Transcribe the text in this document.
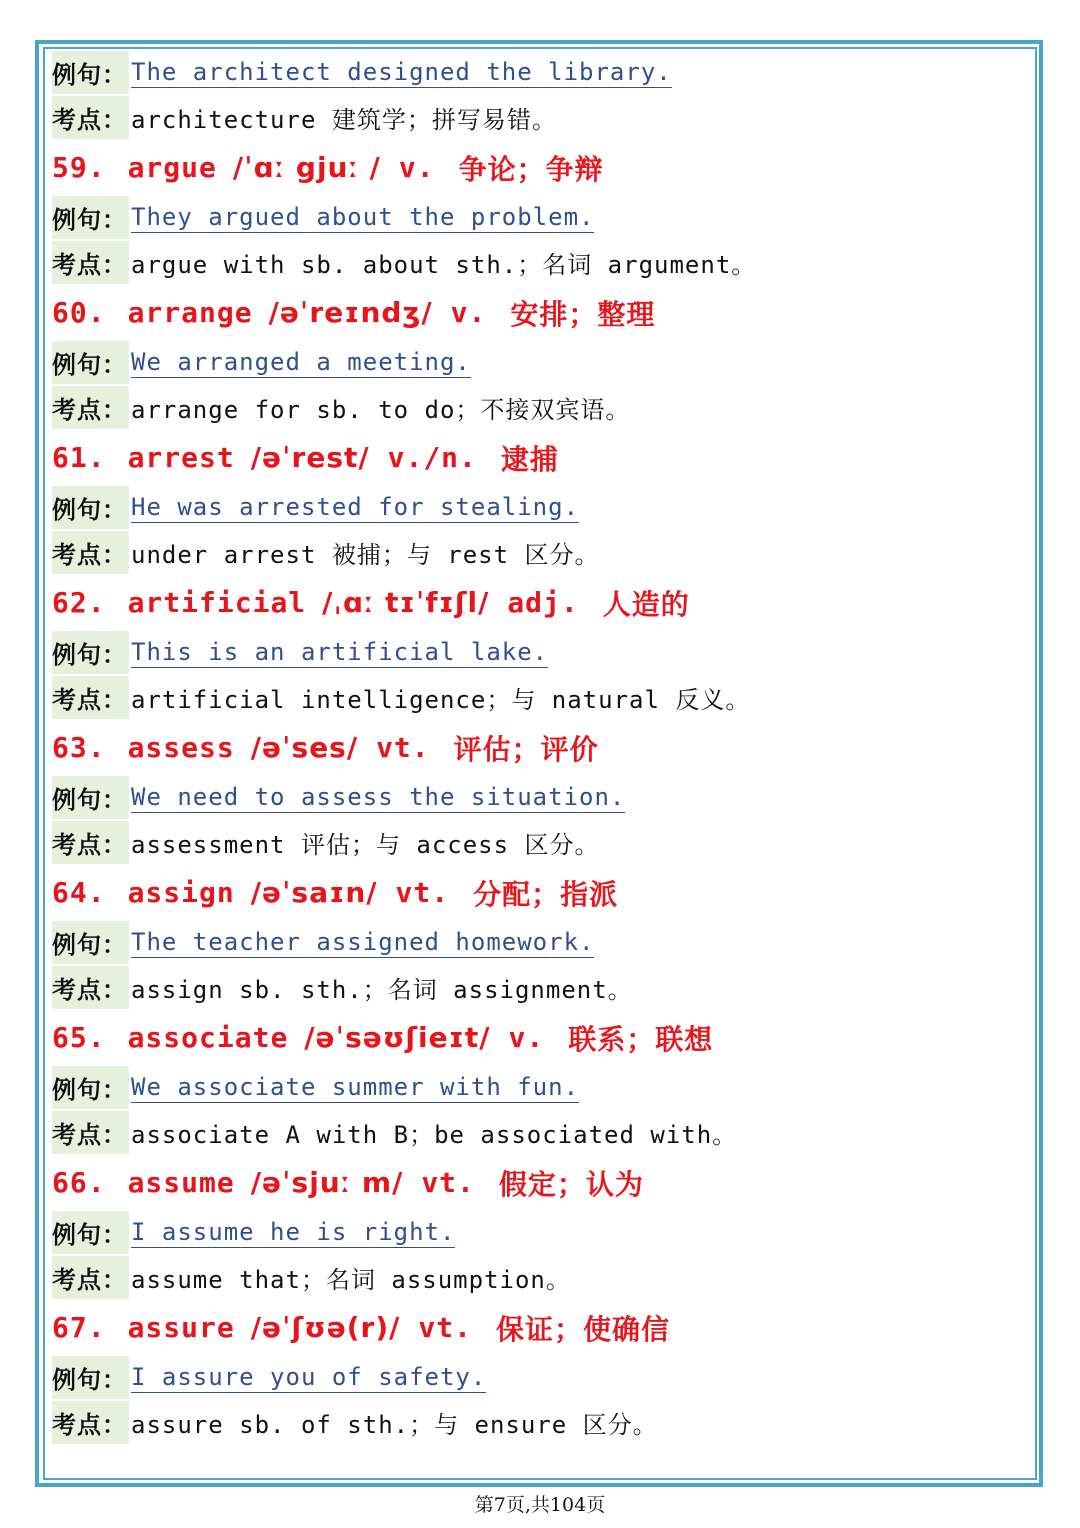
例句： The architect designed the library.
考点： architecture 建筑学；拼写易错。
59. argue /ˈɑː gjuː / v. 争论；争辩
例句： They argued about the problem.
考点： argue with sb. about sth.；名词 argument。
60. arrange /əˈreɪndʒ/ v. 安排；整理
例句： We arranged a meeting.
考点： arrange for sb. to do；不接双宾语。
61. arrest /əˈrest/ v./n. 逮捕
例句： He was arrested for stealing.
考点： under arrest 被捕；与 rest 区分。
62. artificial /ˌɑː tɪˈfɪʃl/ adj. 人造的
例句： This is an artificial lake.
考点： artificial intelligence；与 natural 反义。
63. assess /əˈses/ vt. 评估；评价
例句： We need to assess the situation.
考点： assessment 评估；与 access 区分。
64. assign /əˈsaɪn/ vt. 分配；指派
例句： The teacher assigned homework.
考点： assign sb. sth.；名词 assignment。
65. associate /əˈsəʊʃieɪt/ v. 联系；联想
例句： We associate summer with fun.
考点： associate A with B；be associated with。
66. assume /əˈsjuː m/ vt. 假定；认为
例句： I assume he is right.
考点： assume that；名词 assumption。
67. assure /əˈʃʊə(r)/ vt. 保证；使确信
例句： I assure you of safety.
考点： assure sb. of sth.；与 ensure 区分。
第7页,共104页
